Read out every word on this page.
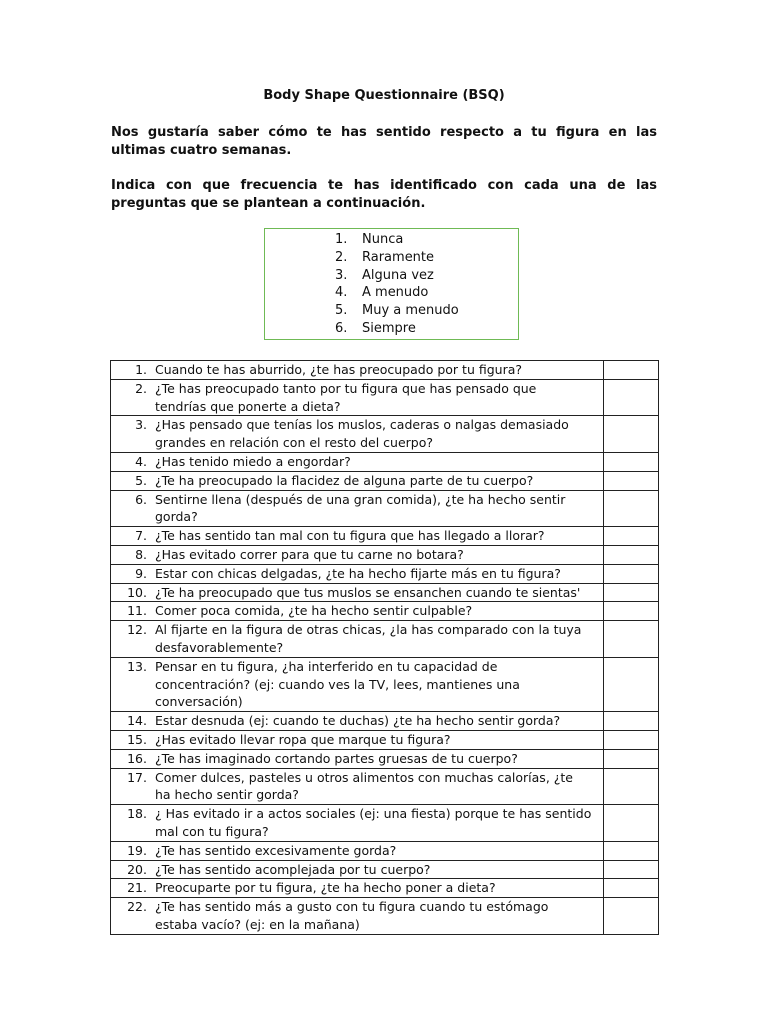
Body Shape Questionnaire (BSQ)
Nos gustaría saber cómo te has sentido respecto a tu figura en las ultimas cuatro semanas.
Indica con que frecuencia te has identificado con cada una de las preguntas que se plantean a continuación.
1.	Nunca
2.	Raramente
3.	Alguna vez
4.	A menudo
5.	Muy a menudo
6.	Siempre
1. Cuando te has aburrido, ¿te has preocupado por tu figura?	

2. ¿Te has preocupado tanto por tu figura que has pensado que
tendrías que ponerte a dieta?	

3. ¿Has pensado que tenías los muslos, caderas o nalgas demasiado
grandes en relación con el resto del cuerpo?	

4. ¿Has tenido miedo a engordar?	

5. ¿Te ha preocupado la flacidez de alguna parte de tu cuerpo?	

6. Sentirne llena (después de una gran comida), ¿te ha hecho sentir
gorda?	

7. ¿Te has sentido tan mal con tu figura que has llegado a llorar?	

8. ¿Has evitado correr para que tu carne no botara?	

9. Estar con chicas delgadas, ¿te ha hecho fijarte más en tu figura?	

10. ¿Te ha preocupado que tus muslos se ensanchen cuando te sientas'	

11. Comer poca comida, ¿te ha hecho sentir culpable?	

12. Al fijarte en la figura de otras chicas, ¿la has comparado con la tuya
desfavorablemente?	

13. Pensar en tu figura, ¿ha interferido en tu capacidad de
concentración? (ej: cuando ves la TV, lees, mantienes una
conversación)	

14. Estar desnuda (ej: cuando te duchas) ¿te ha hecho sentir gorda?	

15. ¿Has evitado llevar ropa que marque tu figura?	

16. ¿Te has imaginado cortando partes gruesas de tu cuerpo?	

17. Comer dulces, pasteles u otros alimentos con muchas calorías, ¿te
ha hecho sentir gorda?	

18. ¿ Has evitado ir a actos sociales (ej: una fiesta) porque te has sentido
mal con tu figura?	

19. ¿Te has sentido excesivamente gorda?	

20. ¿Te has sentido acomplejada por tu cuerpo?	

21. Preocuparte por tu figura, ¿te ha hecho poner a dieta?	

22. ¿Te has sentido más a gusto con tu figura cuando tu estómago
estaba vacío? (ej: en la mañana)	
